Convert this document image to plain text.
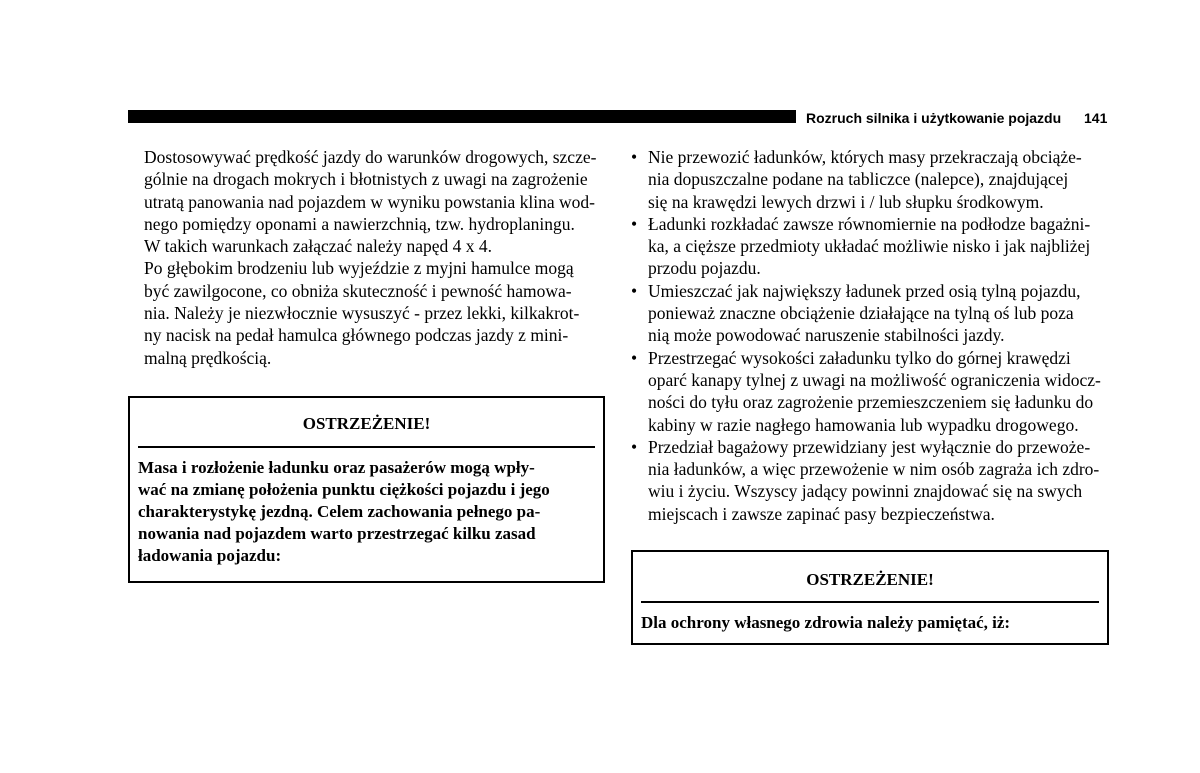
Rozruch silnika i użytkowanie pojazdu 141
Dostosowywać prędkość jazdy do warunków drogowych, szcze-
gólnie na drogach mokrych i błotnistych z uwagi na zagrożenie
utratą panowania nad pojazdem w wyniku powstania klina wod-
nego pomiędzy oponami a nawierzchnią, tzw. hydroplaningu.
W takich warunkach załączać należy napęd 4 x 4.
Po głębokim brodzeniu lub wyjeździe z myjni hamulce mogą
być zawilgocone, co obniża skuteczność i pewność hamowa-
nia. Należy je niezwłocznie wysuszyć - przez lekki, kilkakrot-
ny nacisk na pedał hamulca głównego podczas jazdy z mini-
malną prędkością.
OSTRZEŻENIE!
Masa i rozłożenie ładunku oraz pasażerów mogą wpły-
wać na zmianę położenia punktu ciężkości pojazdu i jego
charakterystykę jezdną. Celem zachowania pełnego pa-
nowania nad pojazdem warto przestrzegać kilku zasad
ładowania pojazdu:
• Nie przewozić ładunków, których masy przekraczają obciąże-
nia dopuszczalne podane na tabliczce (nalepce), znajdującej
się na krawędzi lewych drzwi i / lub słupku środkowym.
• Ładunki rozkładać zawsze równomiernie na podłodze bagażni-
ka, a cięższe przedmioty układać możliwie nisko i jak najbliżej
przodu pojazdu.
• Umieszczać jak największy ładunek przed osią tylną pojazdu,
ponieważ znaczne obciążenie działające na tylną oś lub poza
nią może powodować naruszenie stabilności jazdy.
• Przestrzegać wysokości załadunku tylko do górnej krawędzi
oparć kanapy tylnej z uwagi na możliwość ograniczenia widocz-
ności do tyłu oraz zagrożenie przemieszczeniem się ładunku do
kabiny w razie nagłego hamowania lub wypadku drogowego.
• Przedział bagażowy przewidziany jest wyłącznie do przewoże-
nia ładunków, a więc przewożenie w nim osób zagraża ich zdro-
wiu i życiu. Wszyscy jadący powinni znajdować się na swych
miejscach i zawsze zapinać pasy bezpieczeństwa.
OSTRZEŻENIE!
Dla ochrony własnego zdrowia należy pamiętać, iż:
